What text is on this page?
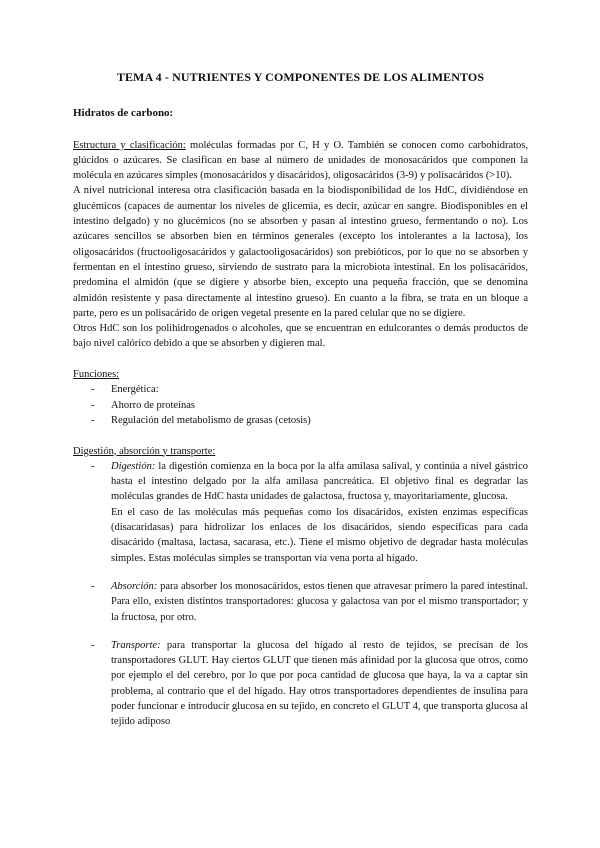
TEMA 4 - NUTRIENTES Y COMPONENTES DE LOS ALIMENTOS
Hidratos de carbono:

Estructura y clasificación: moléculas formadas por C, H y O. También se conocen como carbohidratos, glúcidos o azúcares. Se clasifican en base al número de unidades de monosacáridos que componen la molécula en azúcares simples (monosacáridos y disacáridos), oligosacáridos (3-9) y polisacáridos (>10).

A nivel nutricional interesa otra clasificación basada en la biodisponibilidad de los HdC, dividiéndose en glucémicos (capaces de aumentar los niveles de glicemia, es decir, azúcar en sangre. Biodisponibles en el intestino delgado) y no glucémicos (no se absorben y pasan al intestino grueso, fermentando o no). Los azúcares sencillos se absorben bien en términos generales (excepto los intolerantes a la lactosa), los oligosacáridos (fructooligosacáridos y galactooligosacáridos) son prebióticos, por lo que no se absorben y fermentan en el intestino grueso, sirviendo de sustrato para la microbiota intestinal. En los polisacáridos, predomina el almidón (que se digiere y absorbe bien, excepto una pequeña fracción, que se denomina almidón resistente y pasa directamente al intestino grueso). En cuanto a la fibra, se trata en un bloque a parte, pero es un polisacárido de origen vegetal presente en la pared celular que no se digiere.

Otros HdC son los polihidrogenados o alcoholes, que se encuentran en edulcorantes o demás productos de bajo nivel calórico debido a que se absorben y digieren mal.

Funciones:

- Energética:
- Ahorro de proteínas
- Regulación del metabolismo de grasas (cetosis)

Digestión, absorción y transporte:

- Digestión: la digestión comienza en la boca por la alfa amilasa salival, y continúa a nivel gástrico hasta el intestino delgado por la alfa amilasa pancreática. El objetivo final es degradar las moléculas grandes de HdC hasta unidades de galactosa, fructosa y, mayoritariamente, glucosa.

En el caso de las moléculas más pequeñas como los disacáridos, existen enzimas específicas (disacaridasas) para hidrolizar los enlaces de los disacáridos, siendo específicas para cada disacárido (maltasa, lactasa, sacarasa, etc.). Tiene el mismo objetivo de degradar hasta moléculas simples. Estas moléculas simples se transportan vía vena porta al hígado.

- Absorción: para absorber los monosacáridos, estos tienen que atravesar primero la pared intestinal. Para ello, existen distintos transportadores: glucosa y galactosa van por el mismo transportador; y la fructosa, por otro.

- Transporte: para transportar la glucosa del hígado al resto de tejidos, se precisan de los transportadores GLUT. Hay ciertos GLUT que tienen más afinidad por la glucosa que otros, como por ejemplo el del cerebro, por lo que por poca cantidad de glucosa que haya, la va a captar sin problema, al contrario que el del hígado. Hay otros transportadores dependientes de insulina para poder funcionar e introducir glucosa en su tejido, en concreto el GLUT 4, que transporta glucosa al tejido adiposo
